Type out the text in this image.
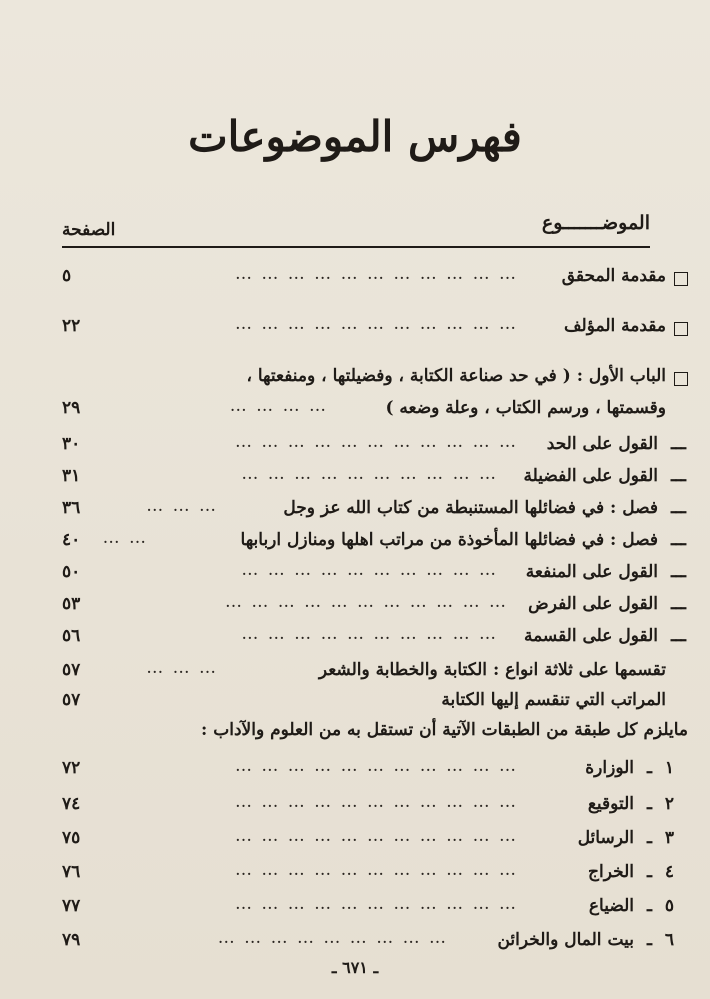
فهرس الموضوعات
الموضـــــــوع
الصفحة
مقدمة المحقق
… … … … … … … … … … …
٥
مقدمة المؤلف
… … … … … … … … … … …
٢٢
الباب الأول : ( في حد صناعة الكتابة ، وفضيلتها ، ومنفعتها ،
وقسمتها ، ورسم الكتاب ، وعلة وضعه )
… … … …
٢٩
ـــ
القول على الحد
… … … … … … … … … … …
٣٠
ـــ
القول على الفضيلة
… … … … … … … … … …
٣١
ـــ
فصل : في فضائلها المستنبطة من كتاب الله عز وجل
… … …
٣٦
ـــ
فصل : في فضائلها المأخوذة من مراتب اهلها ومنازل اربابها
… …
٤٠
ـــ
القول على المنفعة
… … … … … … … … … …
٥٠
ـــ
القول على الفرض
… … … … … … … … … … …
٥٣
ـــ
القول على القسمة
… … … … … … … … … …
٥٦
تقسمها على ثلاثة انواع : الكتابة والخطابة والشعر
… … …
٥٧
المراتب التي تنقسم إليها الكتابة
٥٧
مايلزم كل طبقة من الطبقات الآتية أن تستقل به من العلوم والآداب :
١
ـ
الوزارة
… … … … … … … … … … …
٧٢
٢
ـ
التوقيع
… … … … … … … … … … …
٧٤
٣
ـ
الرسائل
… … … … … … … … … … …
٧٥
٤
ـ
الخراج
… … … … … … … … … … …
٧٦
٥
ـ
الضياع
… … … … … … … … … … …
٧٧
٦
ـ
بيت المال والخرائن
… … … … … … … … …
٧٩
ـ ٦٧١ ـ
